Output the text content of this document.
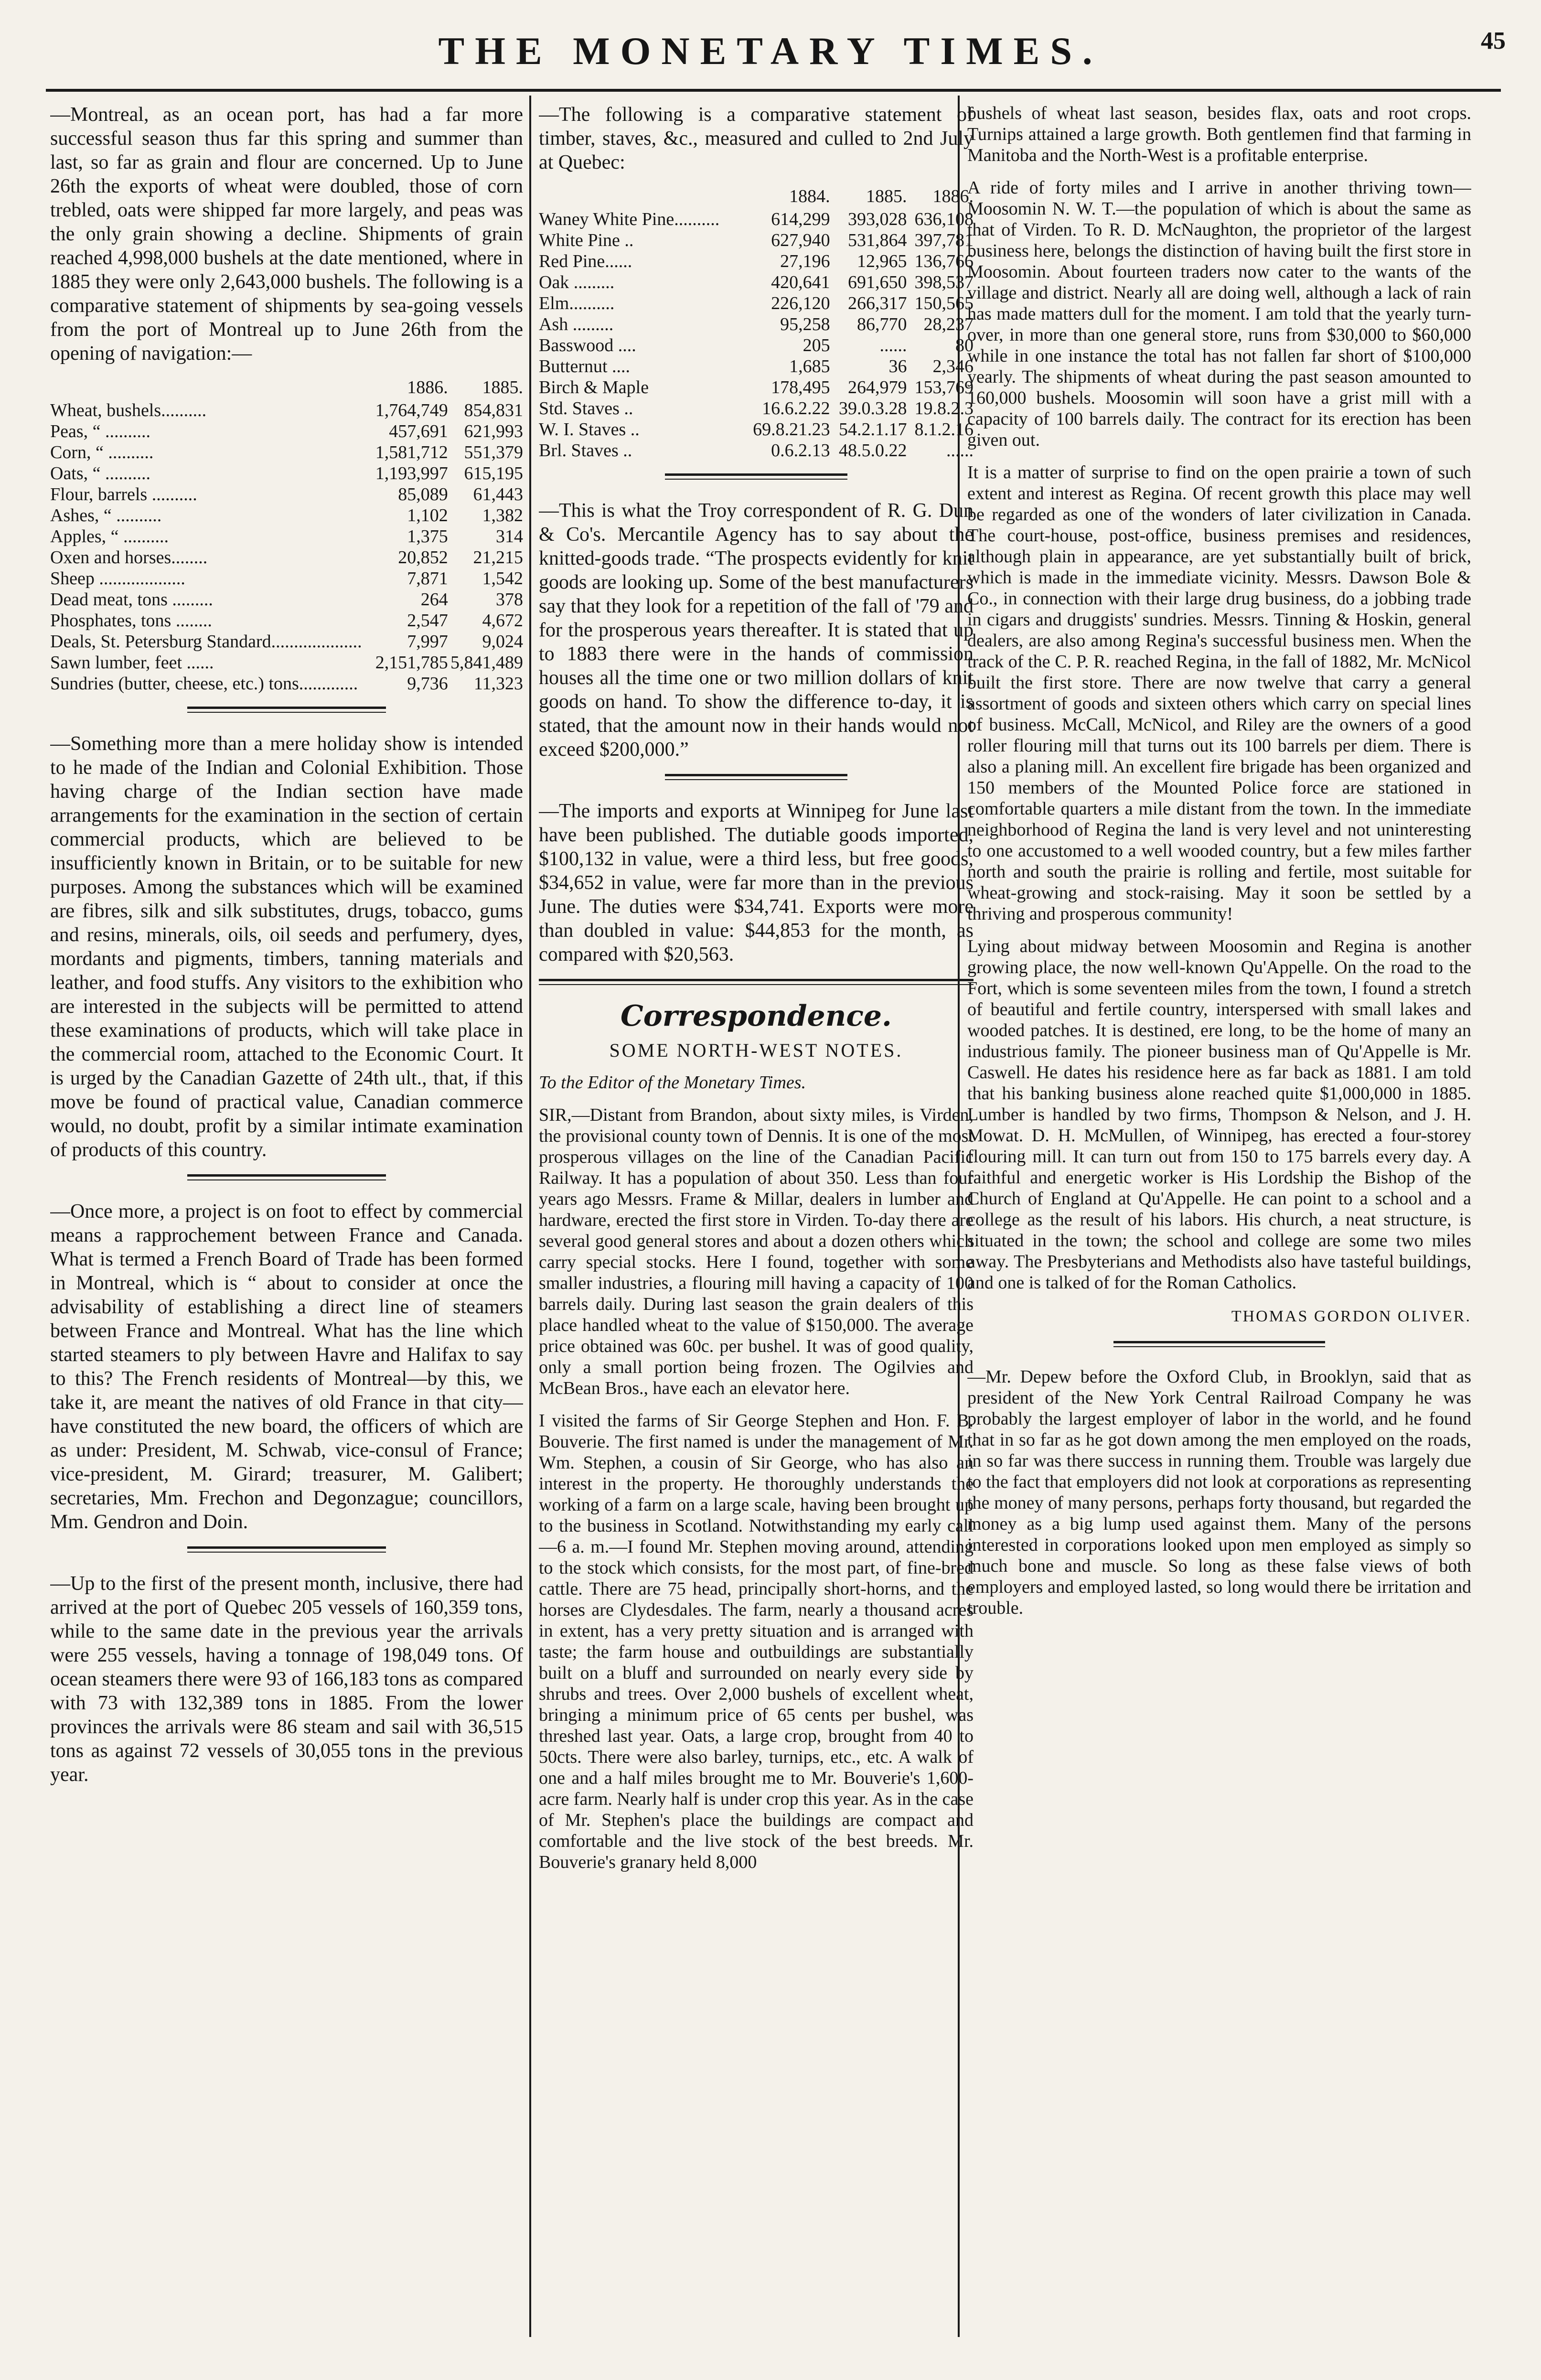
THE MONETARY TIMES.	45

—Montreal, as an ocean port, has had a far more successful season thus far this spring and summer than last, so far as grain and flour are concerned. Up to June 26th the exports of wheat were doubled, those of corn trebled, oats were shipped far more largely, and peas was the only grain showing a decline. Shipments of grain reached 4,998,000 bushels at the date mentioned, where in 1885 they were only 2,643,000 bushels. The following is a comparative statement of shipments by sea-going vessels from the port of Montreal up to June 26th from the opening of navigation:—

	1886.	1885.
Wheat, bushels..........	1,764,749	854,831
Peas, “ ..........	457,691	621,993
Corn, “ ..........	1,581,712	551,379
Oats, “ ..........	1,193,997	615,195
Flour, barrels ..........	85,089	61,443
Ashes, “ ..........	1,102	1,382
Apples, “ ..........	1,375	314
Oxen and horses........	20,852	21,215
Sheep ...................	7,871	1,542
Dead meat, tons .........	264	378
Phosphates, tons ........	2,547	4,672
Deals, St. Petersburg Standard....................	7,997	9,024
Sawn lumber, feet ......	2,151,785	5,841,489
Sundries (butter, cheese, etc.) tons.............	9,736	11,323

—Something more than a mere holiday show is intended to he made of the Indian and Colonial Exhibition. Those having charge of the Indian section have made arrangements for the examination in the section of certain commercial products, which are believed to be insufficiently known in Britain, or to be suitable for new purposes. Among the substances which will be examined are fibres, silk and silk substitutes, drugs, tobacco, gums and resins, minerals, oils, oil seeds and perfumery, dyes, mordants and pigments, timbers, tanning materials and leather, and food stuffs. Any visitors to the exhibition who are interested in the subjects will be permitted to attend these examinations of products, which will take place in the commercial room, attached to the Economic Court. It is urged by the Canadian Gazette of 24th ult., that, if this move be found of practical value, Canadian commerce would, no doubt, profit by a similar intimate examination of products of this country.

—Once more, a project is on foot to effect by commercial means a rapprochement between France and Canada. What is termed a French Board of Trade has been formed in Montreal, which is “ about to consider at once the advisability of establishing a direct line of steamers between France and Montreal. What has the line which started steamers to ply between Havre and Halifax to say to this? The French residents of Montreal—by this, we take it, are meant the natives of old France in that city—have constituted the new board, the officers of which are as under: President, M. Schwab, vice-consul of France; vice-president, M. Girard; treasurer, M. Galibert; secretaries, Mm. Frechon and Degonzague; councillors, Mm. Gendron and Doin.

—Up to the first of the present month, inclusive, there had arrived at the port of Quebec 205 vessels of 160,359 tons, while to the same date in the previous year the arrivals were 255 vessels, having a tonnage of 198,049 tons. Of ocean steamers there were 93 of 166,183 tons as compared with 73 with 132,389 tons in 1885. From the lower provinces the arrivals were 86 steam and sail with 36,515 tons as against 72 vessels of 30,055 tons in the previous year.

—The following is a comparative statement of timber, staves, &c., measured and culled to 2nd July at Quebec:

	1884.	1885.	1886.
Waney White Pine..........	614,299	393,028	636,108
White Pine ..	627,940	531,864	397,781
Red Pine......	27,196	12,965	136,766
Oak .........	420,641	691,650	398,537
Elm..........	226,120	266,317	150,565
Ash .........	95,258	86,770	28,237
Basswood ....	205	......	80
Butternut ....	1,685	36	2,346
Birch & Maple	178,495	264,979	153,769
Std. Staves ..	16.6.2.22	39.0.3.28	19.8.2.3
W. I. Staves ..	69.8.21.23	54.2.1.17	8.1.2.16
Brl. Staves ..	0.6.2.13	48.5.0.22	......

—This is what the Troy correspondent of R. G. Dun & Co's. Mercantile Agency has to say about the knitted-goods trade. “The prospects evidently for knit goods are looking up. Some of the best manufacturers say that they look for a repetition of the fall of '79 and for the prosperous years thereafter. It is stated that up to 1883 there were in the hands of commission houses all the time one or two million dollars of knit goods on hand. To show the difference to-day, it is stated, that the amount now in their hands would not exceed $200,000.”

—The imports and exports at Winnipeg for June last have been published. The dutiable goods imported, $100,132 in value, were a third less, but free goods, $34,652 in value, were far more than in the previous June. The duties were $34,741. Exports were more than doubled in value: $44,853 for the month, as compared with $20,563.

Correspondence.
SOME NORTH-WEST NOTES.

To the Editor of the Monetary Times.

SIR,—Distant from Brandon, about sixty miles, is Virden, the provisional county town of Dennis. It is one of the most prosperous villages on the line of the Canadian Pacific Railway. It has a population of about 350. Less than four years ago Messrs. Frame & Millar, dealers in lumber and hardware, erected the first store in Virden. To-day there are several good general stores and about a dozen others which carry special stocks. Here I found, together with some smaller industries, a flouring mill having a capacity of 100 barrels daily. During last season the grain dealers of this place handled wheat to the value of $150,000. The average price obtained was 60c. per bushel. It was of good quality, only a small portion being frozen. The Ogilvies and McBean Bros., have each an elevator here.

I visited the farms of Sir George Stephen and Hon. F. B. Bouverie. The first named is under the management of Mr. Wm. Stephen, a cousin of Sir George, who has also an interest in the property. He thoroughly understands the working of a farm on a large scale, having been brought up to the business in Scotland. Notwithstanding my early call —6 a. m.—I found Mr. Stephen moving around, attending to the stock which consists, for the most part, of fine-bred cattle. There are 75 head, principally short-horns, and the horses are Clydesdales. The farm, nearly a thousand acres in extent, has a very pretty situation and is arranged with taste; the farm house and outbuildings are substantially built on a bluff and surrounded on nearly every side by shrubs and trees. Over 2,000 bushels of excellent wheat, bringing a minimum price of 65 cents per bushel, was threshed last year. Oats, a large crop, brought from 40 to 50cts. There were also barley, turnips, etc., etc. A walk of one and a half miles brought me to Mr. Bouverie's 1,600-acre farm. Nearly half is under crop this year. As in the case of Mr. Stephen's place the buildings are compact and comfortable and the live stock of the best breeds. Mr. Bouverie's granary held 8,000

bushels of wheat last season, besides flax, oats and root crops. Turnips attained a large growth. Both gentlemen find that farming in Manitoba and the North-West is a profitable enterprise.

A ride of forty miles and I arrive in another thriving town—Moosomin N. W. T.—the population of which is about the same as that of Virden. To R. D. McNaughton, the proprietor of the largest business here, belongs the distinction of having built the first store in Moosomin. About fourteen traders now cater to the wants of the village and district. Nearly all are doing well, although a lack of rain has made matters dull for the moment. I am told that the yearly turn-over, in more than one general store, runs from $30,000 to $60,000 while in one instance the total has not fallen far short of $100,000 yearly. The shipments of wheat during the past season amounted to 160,000 bushels. Moosomin will soon have a grist mill with a capacity of 100 barrels daily. The contract for its erection has been given out.

It is a matter of surprise to find on the open prairie a town of such extent and interest as Regina. Of recent growth this place may well be regarded as one of the wonders of later civilization in Canada. The court-house, post-office, business premises and residences, although plain in appearance, are yet substantially built of brick, which is made in the immediate vicinity. Messrs. Dawson Bole & Co., in connection with their large drug business, do a jobbing trade in cigars and druggists' sundries. Messrs. Tinning & Hoskin, general dealers, are also among Regina's successful business men. When the track of the C. P. R. reached Regina, in the fall of 1882, Mr. McNicol built the first store. There are now twelve that carry a general assortment of goods and sixteen others which carry on special lines of business. McCall, McNicol, and Riley are the owners of a good roller flouring mill that turns out its 100 barrels per diem. There is also a planing mill. An excellent fire brigade has been organized and 150 members of the Mounted Police force are stationed in comfortable quarters a mile distant from the town. In the immediate neighborhood of Regina the land is very level and not uninteresting to one accustomed to a well wooded country, but a few miles farther north and south the prairie is rolling and fertile, most suitable for wheat-growing and stock-raising. May it soon be settled by a thriving and prosperous community!

Lying about midway between Moosomin and Regina is another growing place, the now well-known Qu'Appelle. On the road to the Fort, which is some seventeen miles from the town, I found a stretch of beautiful and fertile country, interspersed with small lakes and wooded patches. It is destined, ere long, to be the home of many an industrious family. The pioneer business man of Qu'Appelle is Mr. Caswell. He dates his residence here as far back as 1881. I am told that his banking business alone reached quite $1,000,000 in 1885. Lumber is handled by two firms, Thompson & Nelson, and J. H. Mowat. D. H. McMullen, of Winnipeg, has erected a four-storey flouring mill. It can turn out from 150 to 175 barrels every day. A faithful and energetic worker is His Lordship the Bishop of the Church of England at Qu'Appelle. He can point to a school and a college as the result of his labors. His church, a neat structure, is situated in the town; the school and college are some two miles away. The Presbyterians and Methodists also have tasteful buildings, and one is talked of for the Roman Catholics.

THOMAS GORDON OLIVER.

—Mr. Depew before the Oxford Club, in Brooklyn, said that as president of the New York Central Railroad Company he was probably the largest employer of labor in the world, and he found that in so far as he got down among the men employed on the roads, in so far was there success in running them. Trouble was largely due to the fact that employers did not look at corporations as representing the money of many persons, perhaps forty thousand, but regarded the money as a big lump used against them. Many of the persons interested in corporations looked upon men employed as simply so much bone and muscle. So long as these false views of both employers and employed lasted, so long would there be irritation and trouble.
